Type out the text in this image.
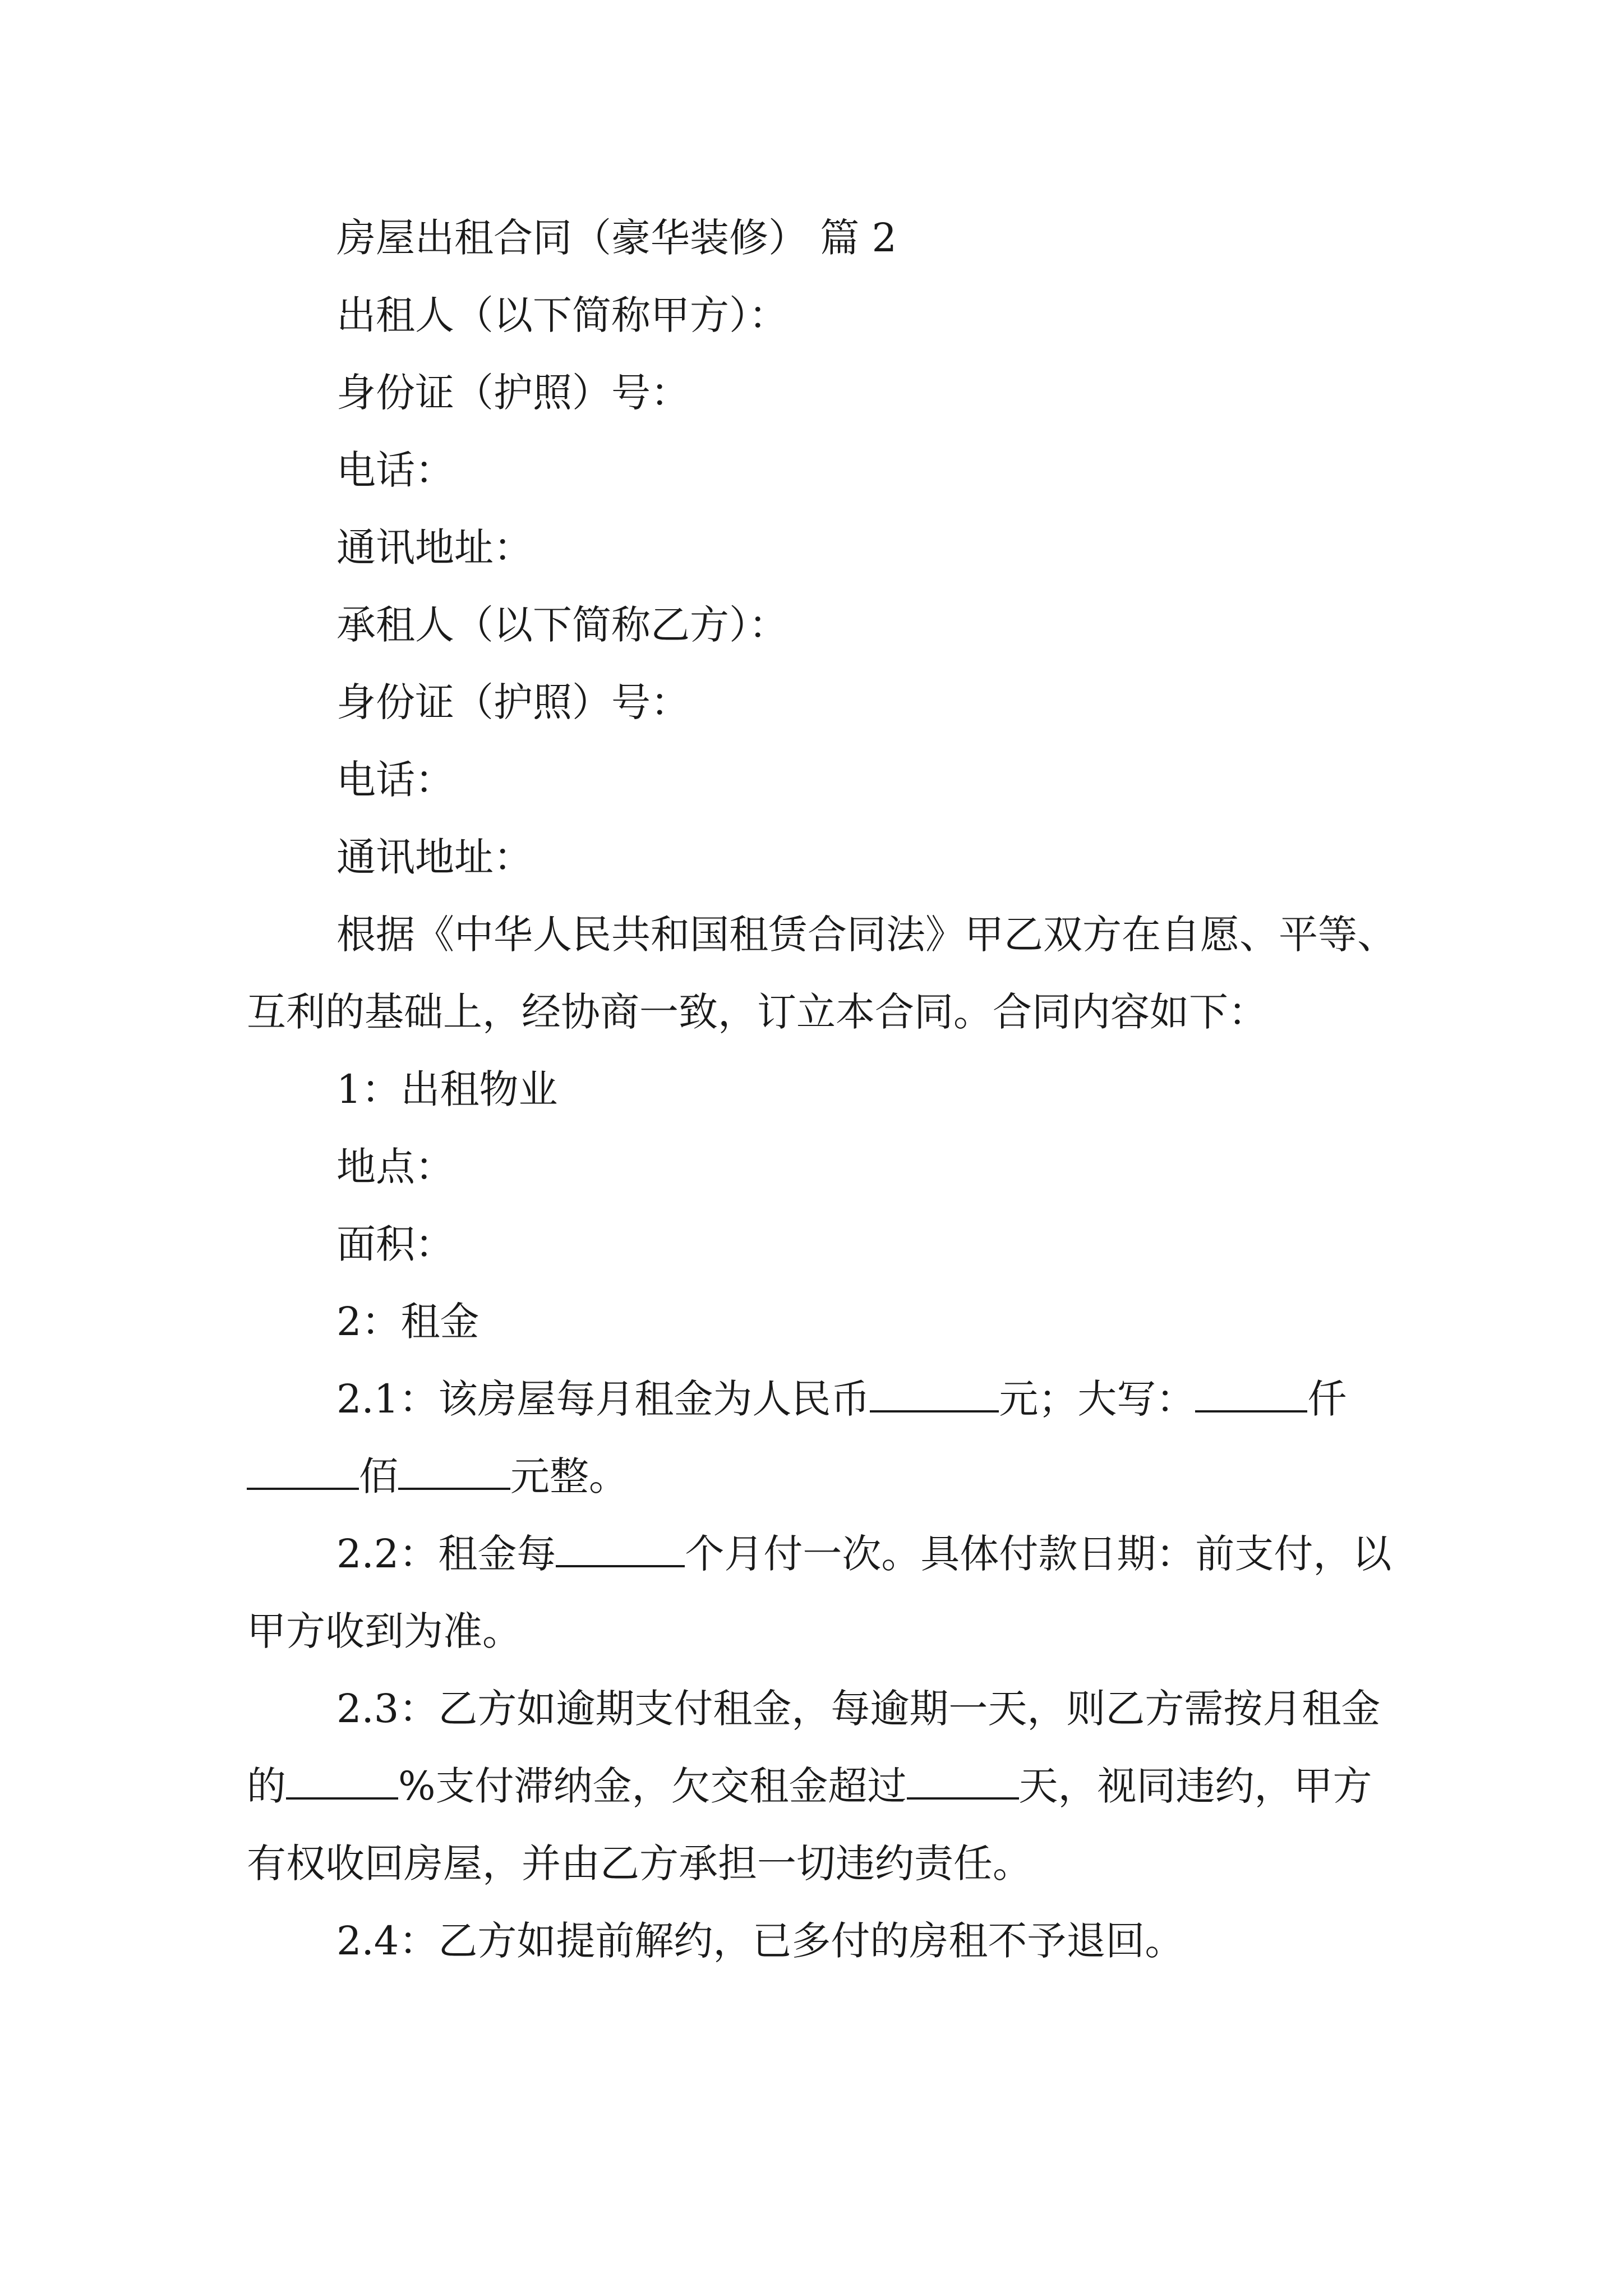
房屋出租合同（豪华装修） 篇 2
出租人（以下简称甲方）：
身份证（护照）号：
电话：
通讯地址：
承租人（以下简称乙方）：
身份证（护照）号：
电话：
通讯地址：
根据《中华人民共和国租赁合同法》甲乙双方在自愿、平等、互利的基础上，经协商一致，订立本合同。合同内容如下：
1：出租物业
地点：
面积：
2：租金
2.1：该房屋每月租金为人民币	元；大写：	仟佰	元整。
2.2：租金每	个月付一次。具体付款日期：前支付，以甲方收到为准。
2.3：乙方如逾期支付租金，每逾期一天，则乙方需按月租金的	%支付滞纳金，欠交租金超过	天，视同违约，甲方有权收回房屋，并由乙方承担一切违约责任。
2.4：乙方如提前解约，已多付的房租不予退回。
